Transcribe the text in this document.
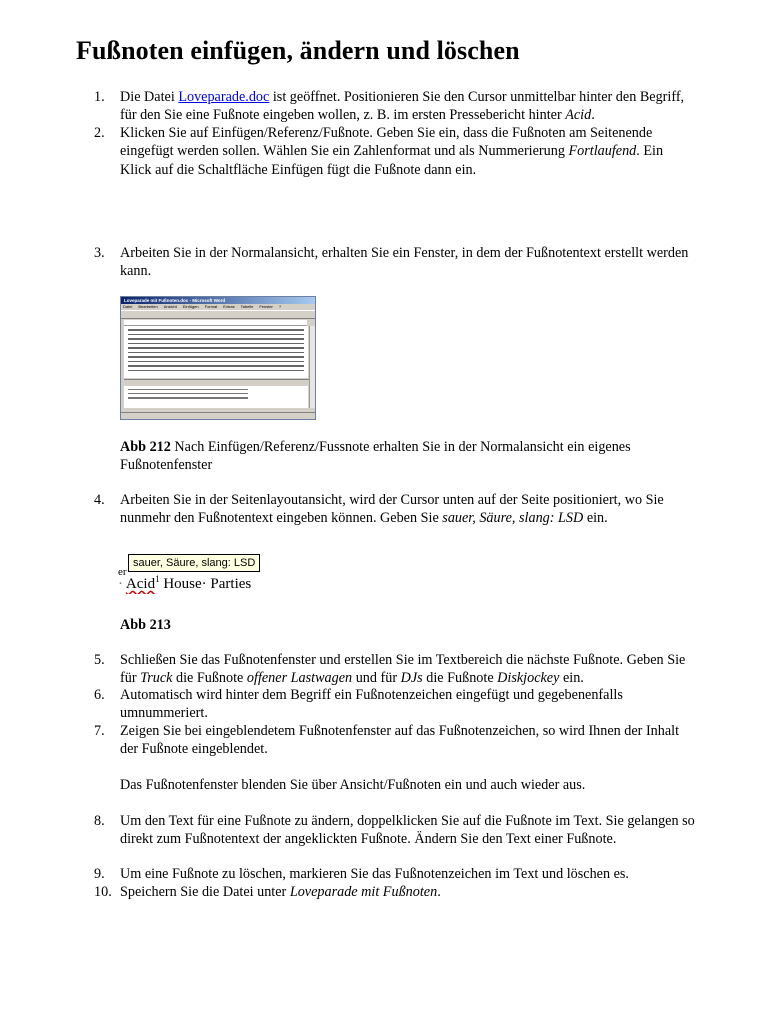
Fußnoten einfügen, ändern und löschen
1.	Die Datei Loveparade.doc ist geöffnet. Positionieren Sie den Cursor unmittelbar hinter den Begriff, für den Sie eine Fußnote eingeben wollen, z. B. im ersten Pressebericht hinter Acid.
2.	Klicken Sie auf Einfügen/Referenz/Fußnote. Geben Sie ein, dass die Fußnoten am Seitenende eingefügt werden sollen. Wählen Sie ein Zahlenformat und als Nummerierung Fortlaufend. Ein Klick auf die Schaltfläche Einfügen fügt die Fußnote dann ein.
3.	Arbeiten Sie in der Normalansicht, erhalten Sie ein Fenster, in dem der Fußnotentext erstellt werden kann.
Loveparade mit Fußnoten.doc - Microsoft Word
Datei Bearbeiten Ansicht Einfügen Format Extras Tabelle Fenster ?
Abb 212 Nach Einfügen/Referenz/Fussnote erhalten Sie in der Normalansicht ein eigenes Fußnotenfenster
4.	Arbeiten Sie in der Seitenlayoutansicht, wird der Cursor unten auf der Seite positioniert, wo Sie nunmehr den Fußnotentext eingeben können. Geben Sie sauer, Säure, slang: LSD ein.
er
sauer, Säure, slang: LSD
· Acid$^1$ House· Parties
Abb 213
5.	Schließen Sie das Fußnotenfenster und erstellen Sie im Textbereich die nächste Fußnote. Geben Sie für Truck die Fußnote offener Lastwagen und für DJs die Fußnote Diskjockey ein.
6.	Automatisch wird hinter dem Begriff ein Fußnotenzeichen eingefügt und gegebenenfalls umnummeriert.
7.	Zeigen Sie bei eingeblendetem Fußnotenfenster auf das Fußnotenzeichen, so wird Ihnen der Inhalt der Fußnote eingeblendet.
Das Fußnotenfenster blenden Sie über Ansicht/Fußnoten ein und auch wieder aus.
8.	Um den Text für eine Fußnote zu ändern, doppelklicken Sie auf die Fußnote im Text. Sie gelangen so direkt zum Fußnotentext der angeklickten Fußnote. Ändern Sie den Text einer Fußnote.
9.	Um eine Fußnote zu löschen, markieren Sie das Fußnotenzeichen im Text und löschen es.
10. Speichern Sie die Datei unter Loveparade mit Fußnoten.
